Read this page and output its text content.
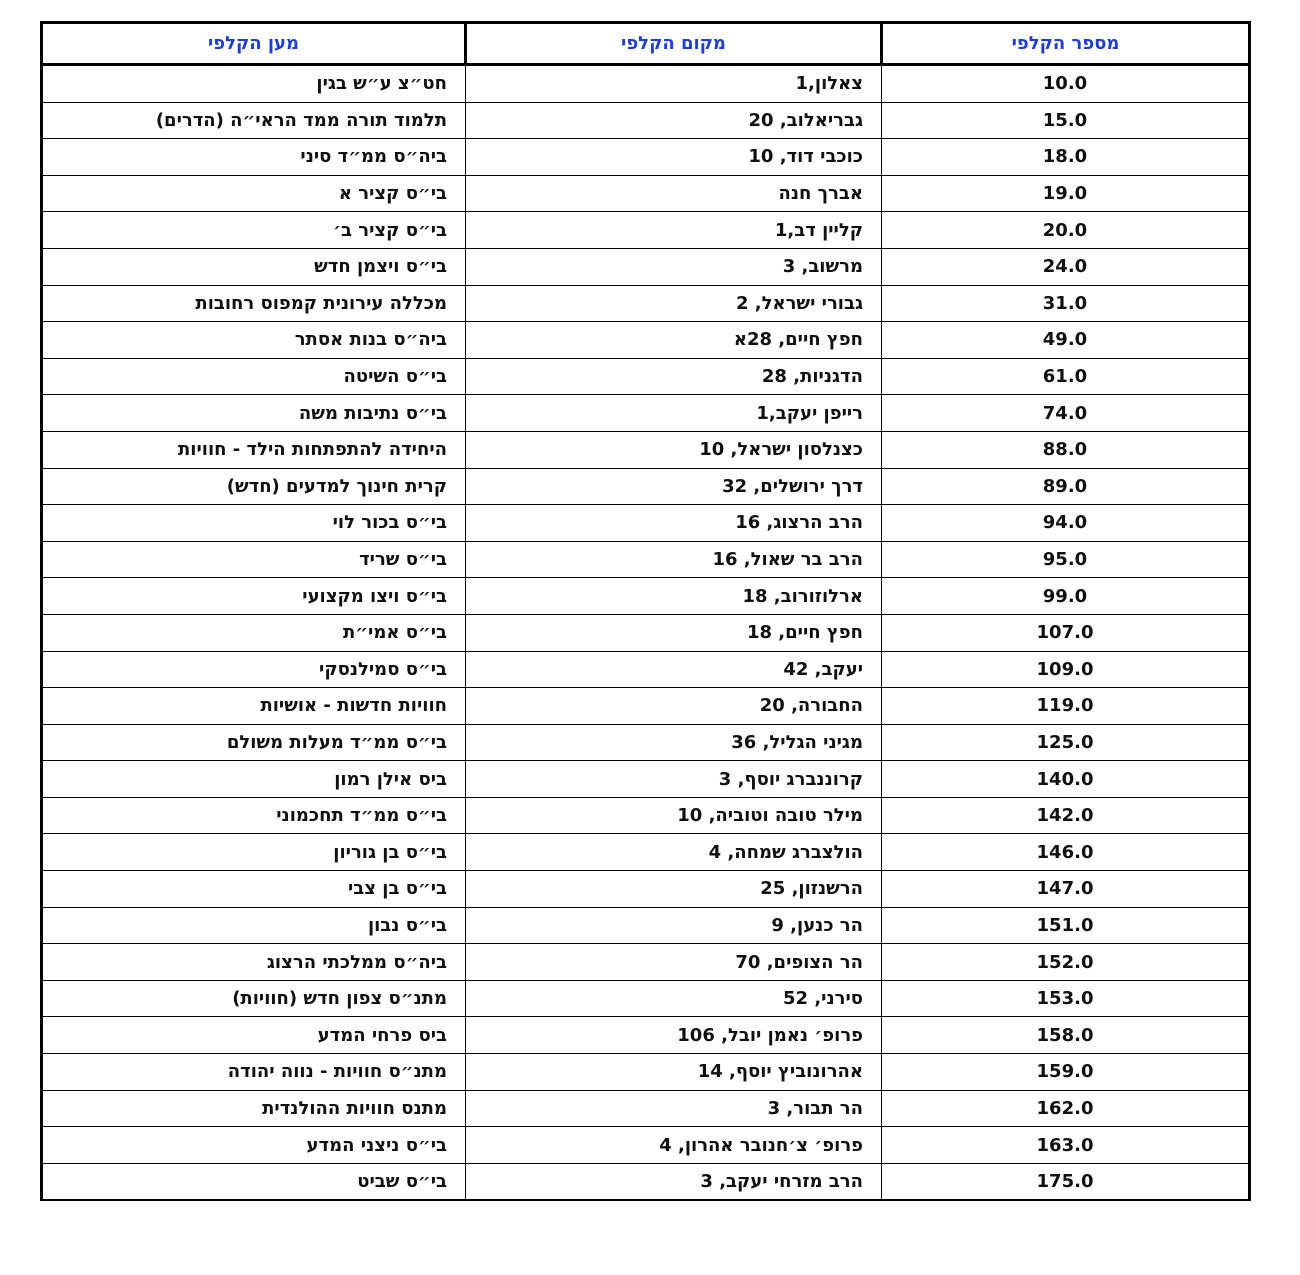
מספר הקלפי	מקום הקלפי	מען הקלפי
10.0	צאלון,1	חט״צ ע״ש בגין
15.0	גבריאלוב, 20	תלמוד תורה ממד הראי״ה (הדרים)
18.0	כוכבי דוד, 10	ביה״ס ממ״ד סיני
19.0	אברך חנה	בי״ס קציר א
20.0	קליין דב,1	בי״ס קציר ב׳
24.0	מרשוב, 3	בי״ס ויצמן חדש
31.0	גבורי ישראל, 2	מכללה עירונית קמפוס רחובות
49.0	חפץ חיים, 28א	ביה״ס בנות אסתר
61.0	הדגניות, 28	בי״ס השיטה
74.0	רייפן יעקב,1	בי״ס נתיבות משה
88.0	כצנלסון ישראל, 10	היחידה להתפתחות הילד - חוויות
89.0	דרך ירושלים, 32	קרית חינוך למדעים (חדש)
94.0	הרב הרצוג, 16	בי״ס בכור לוי
95.0	הרב בר שאול, 16	בי״ס שריד
99.0	ארלוזורוב, 18	בי״ס ויצו מקצועי
107.0	חפץ חיים, 18	בי״ס אמי״ת
109.0	יעקב, 42	בי״ס סמילנסקי
119.0	החבורה, 20	חוויות חדשות - אושיות
125.0	מגיני הגליל, 36	בי״ס ממ״ד מעלות משולם
140.0	קרוננברג יוסף, 3	ביס אילן רמון
142.0	מילר טובה וטוביה, 10	בי״ס ממ״ד תחכמוני
146.0	הולצברג שמחה, 4	בי״ס בן גוריון
147.0	הרשנזון, 25	בי״ס בן צבי
151.0	הר כנען, 9	בי״ס נבון
152.0	הר הצופים, 70	ביה״ס ממלכתי הרצוג
153.0	סירני, 52	מתנ״ס צפון חדש (חוויות)
158.0	פרופ׳ נאמן יובל, 106	ביס פרחי המדע
159.0	אהרונוביץ יוסף, 14	מתנ״ס חוויות - נווה יהודה
162.0	הר תבור, 3	מתנס חוויות ההולנדית
163.0	פרופ׳ צ׳חנובר אהרון, 4	בי״ס ניצני המדע
175.0	הרב מזרחי יעקב, 3	בי״ס שביט
